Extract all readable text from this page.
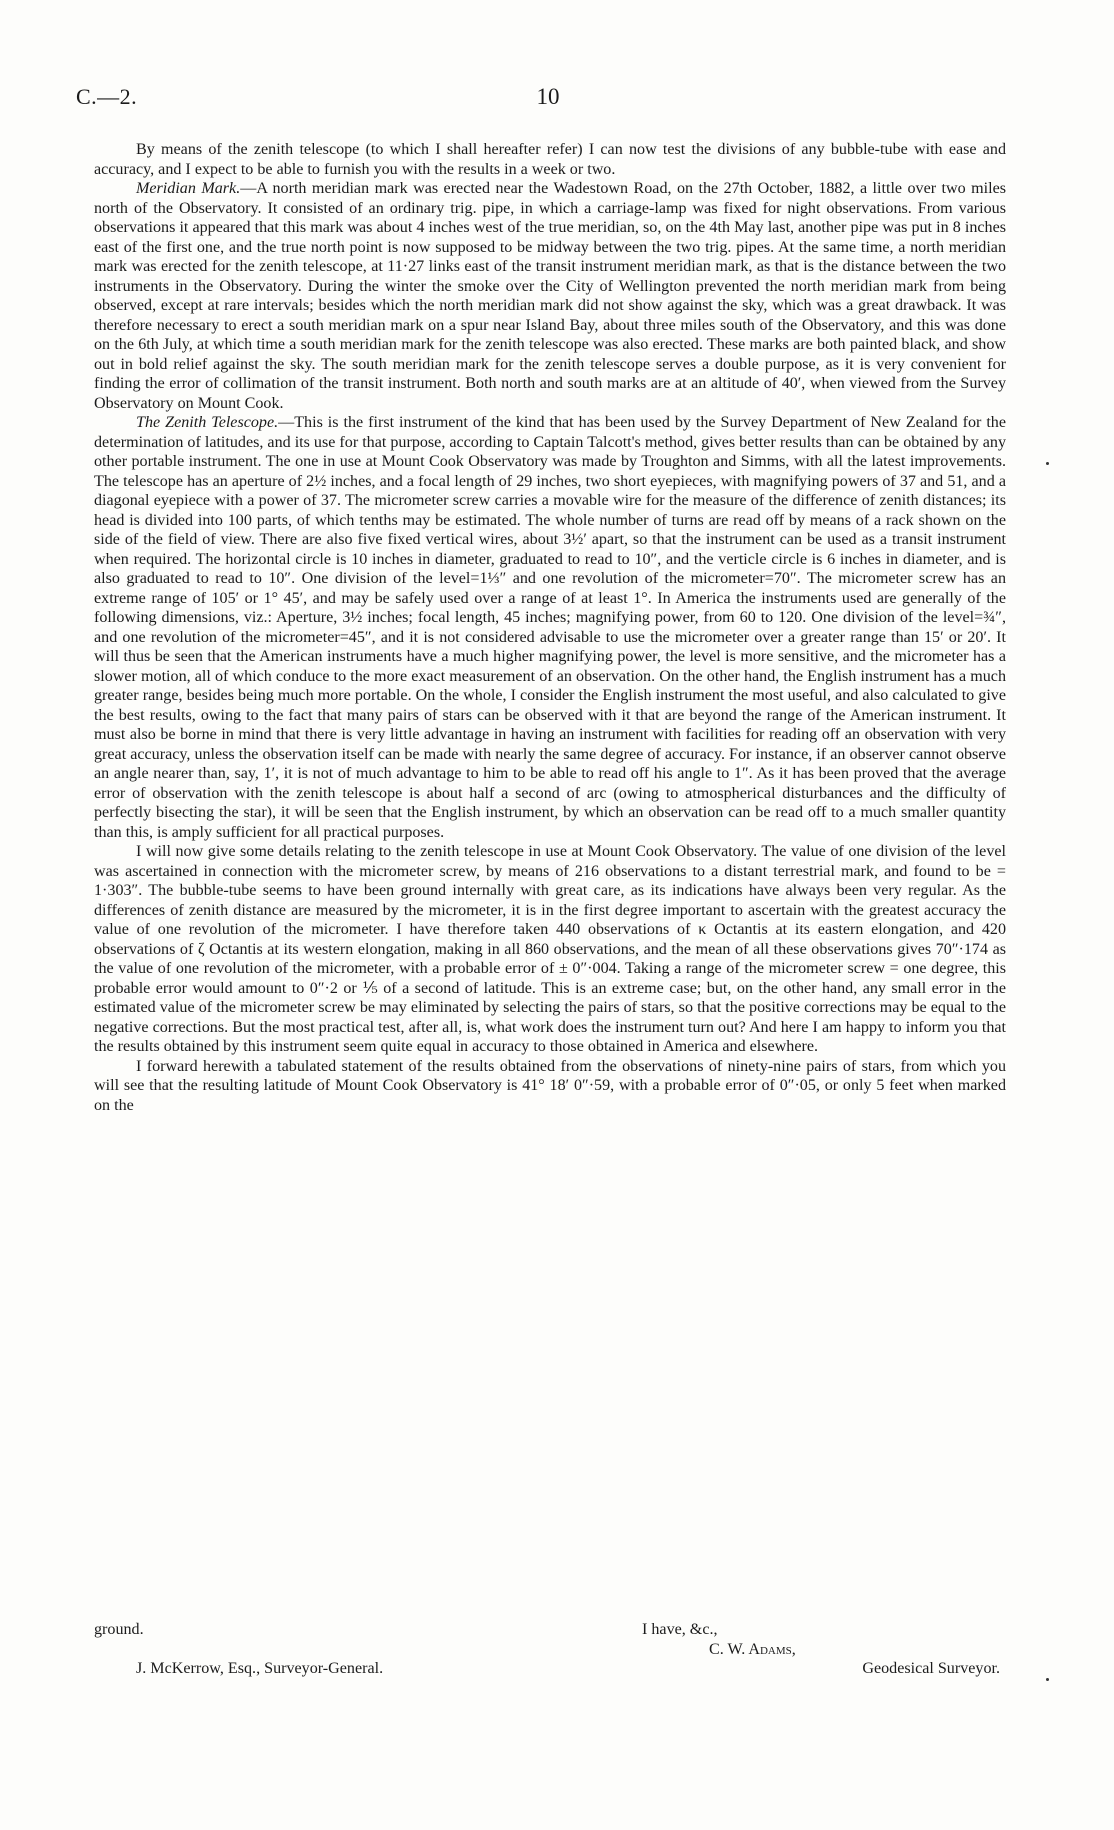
C.—2.	10

By means of the zenith telescope (to which I shall hereafter refer) I can now test the divisions of any bubble-tube with ease and accuracy, and I expect to be able to furnish you with the results in a week or two.

Meridian Mark.—A north meridian mark was erected near the Wadestown Road, on the 27th October, 1882, a little over two miles north of the Observatory. It consisted of an ordinary trig. pipe, in which a carriage-lamp was fixed for night observations. From various observations it appeared that this mark was about 4 inches west of the true meridian, so, on the 4th May last, another pipe was put in 8 inches east of the first one, and the true north point is now supposed to be midway between the two trig. pipes. At the same time, a north meridian mark was erected for the zenith telescope, at 11·27 links east of the transit instrument meridian mark, as that is the distance between the two instruments in the Observatory. During the winter the smoke over the City of Wellington prevented the north meridian mark from being observed, except at rare intervals; besides which the north meridian mark did not show against the sky, which was a great drawback. It was therefore necessary to erect a south meridian mark on a spur near Island Bay, about three miles south of the Observatory, and this was done on the 6th July, at which time a south meridian mark for the zenith telescope was also erected. These marks are both painted black, and show out in bold relief against the sky. The south meridian mark for the zenith telescope serves a double purpose, as it is very convenient for finding the error of collimation of the transit instrument. Both north and south marks are at an altitude of 40′, when viewed from the Survey Observatory on Mount Cook.

The Zenith Telescope.—This is the first instrument of the kind that has been used by the Survey Department of New Zealand for the determination of latitudes, and its use for that purpose, according to Captain Talcott's method, gives better results than can be obtained by any other portable instrument. The one in use at Mount Cook Observatory was made by Troughton and Simms, with all the latest improvements. The telescope has an aperture of 2½ inches, and a focal length of 29 inches, two short eyepieces, with magnifying powers of 37 and 51, and a diagonal eyepiece with a power of 37. The micrometer screw carries a movable wire for the measure of the difference of zenith distances; its head is divided into 100 parts, of which tenths may be estimated. The whole number of turns are read off by means of a rack shown on the side of the field of view. There are also five fixed vertical wires, about 3½′ apart, so that the instrument can be used as a transit instrument when required. The horizontal circle is 10 inches in diameter, graduated to read to 10″, and the verticle circle is 6 inches in diameter, and is also graduated to read to 10″. One division of the level=1⅓″ and one revolution of the micrometer=70″. The micrometer screw has an extreme range of 105′ or 1° 45′, and may be safely used over a range of at least 1°. In America the instruments used are generally of the following dimensions, viz.: Aperture, 3½ inches; focal length, 45 inches; magnifying power, from 60 to 120. One division of the level=¾″, and one revolution of the micrometer=45″, and it is not considered advisable to use the micrometer over a greater range than 15′ or 20′. It will thus be seen that the American instruments have a much higher magnifying power, the level is more sensitive, and the micrometer has a slower motion, all of which conduce to the more exact measurement of an observation. On the other hand, the English instrument has a much greater range, besides being much more portable. On the whole, I consider the English instrument the most useful, and also calculated to give the best results, owing to the fact that many pairs of stars can be observed with it that are beyond the range of the American instrument. It must also be borne in mind that there is very little advantage in having an instrument with facilities for reading off an observation with very great accuracy, unless the observation itself can be made with nearly the same degree of accuracy. For instance, if an observer cannot observe an angle nearer than, say, 1′, it is not of much advantage to him to be able to read off his angle to 1″. As it has been proved that the average error of observation with the zenith telescope is about half a second of arc (owing to atmospherical disturbances and the difficulty of perfectly bisecting the star), it will be seen that the English instrument, by which an observation can be read off to a much smaller quantity than this, is amply sufficient for all practical purposes.

I will now give some details relating to the zenith telescope in use at Mount Cook Observatory. The value of one division of the level was ascertained in connection with the micrometer screw, by means of 216 observations to a distant terrestrial mark, and found to be = 1·303″. The bubble-tube seems to have been ground internally with great care, as its indications have always been very regular. As the differences of zenith distance are measured by the micrometer, it is in the first degree important to ascertain with the greatest accuracy the value of one revolution of the micrometer. I have therefore taken 440 observations of κ Octantis at its eastern elongation, and 420 observations of ζ Octantis at its western elongation, making in all 860 observations, and the mean of all these observations gives 70″·174 as the value of one revolution of the micrometer, with a probable error of ± 0″·004. Taking a range of the micrometer screw = one degree, this probable error would amount to 0″·2 or ⅕ of a second of latitude. This is an extreme case; but, on the other hand, any small error in the estimated value of the micrometer screw be may eliminated by selecting the pairs of stars, so that the positive corrections may be equal to the negative corrections. But the most practical test, after all, is, what work does the instrument turn out? And here I am happy to inform you that the results obtained by this instrument seem quite equal in accuracy to those obtained in America and elsewhere.

I forward herewith a tabulated statement of the results obtained from the observations of ninety-nine pairs of stars, from which you will see that the resulting latitude of Mount Cook Observatory is 41° 18′ 0″·59, with a probable error of 0″·05, or only 5 feet when marked on the

ground.	I have, &c.,
C. W. Adams,
J. McKerrow, Esq., Surveyor-General.	Geodesical Surveyor.
